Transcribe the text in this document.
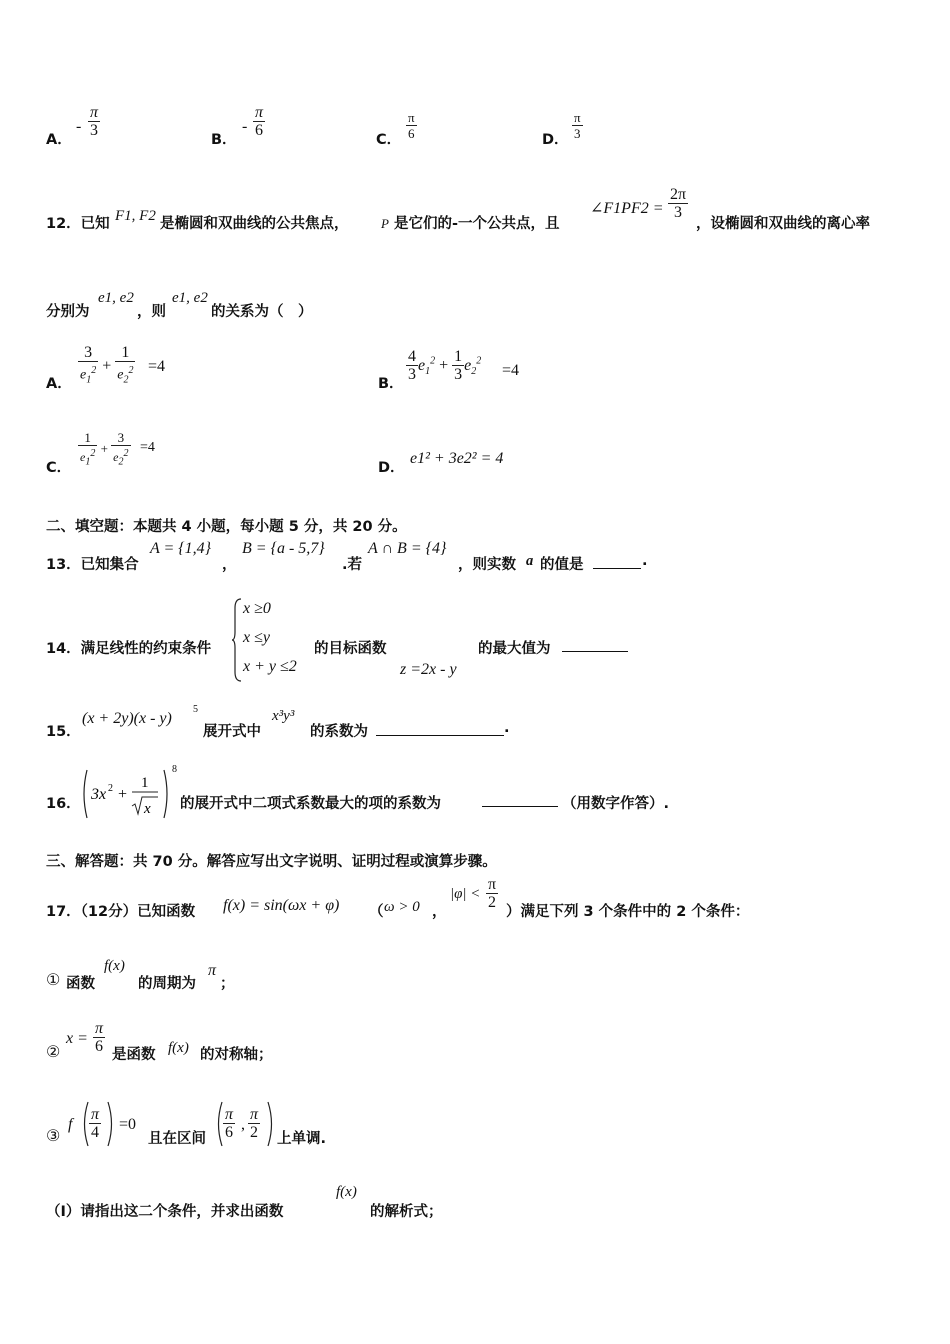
A．
- $\frac{\pi}{3}$
B．
- $\frac{\pi}{6}$
C． $\frac{\pi}{6}$	D． $\frac{\pi}{3}$
12．已知 F1, F2 是椭圆和双曲线的公共焦点，	P 是它们的-一个公共点，且
∠F1PF2 = $\frac{2\pi}{3}$
，设椭圆和双曲线的离心率
分别为
e1, e2
，则
e1, e2
的关系为（　）
A． $\frac{3}{e_1^2} + \frac{1}{e_2^2} =4$
B．
$\frac{4}{3} e_1^2 + \frac{1}{3} e_2^2$
=4
C． $\frac{1}{e_1^2} + \frac{3}{e_2^2} =4$
D．
e1² + 3e2² = 4
二、填空题：本题共 4 小题，每小题 5 分，共 20 分。
13．已知集合
A = {1,4}
，
B = {a - 5,7}
.若
A ∩ B = {4}
，则实数 a 的值是	.
14．满足线性的约束条件
x ≥0
x ≤y
x + y ≤2
的目标函数
z =2x - y
的最大值为
15．
(x + 2y)(x - y)
5
展开式中
x³y³
的系数为	.
16．
3x 2 +
1
x
8
的展开式中二项式系数最大的项的系数为	（用数字作答）.
三、解答题：共 70 分。解答应写出文字说明、证明过程或演算步骤。
17．（12分）已知函数 f(x) = sin(ωx + φ) （ ω > 0 ，
$|\varphi| < \frac{\pi}{2}$
）满足下列 3 个条件中的 2 个条件：
① 函数
f(x)
的周期为
π
；
②
$x = \frac{\pi}{6}$ 是函数 f(x) 的对称轴；
③
f $\frac{\pi}{4} =0$
且在区间 $\frac{\pi}{6}$ , $\frac{\pi}{2}$ 上单调.
（Ⅰ）请指出这二个条件，并求出函数
f(x)
的解析式；
